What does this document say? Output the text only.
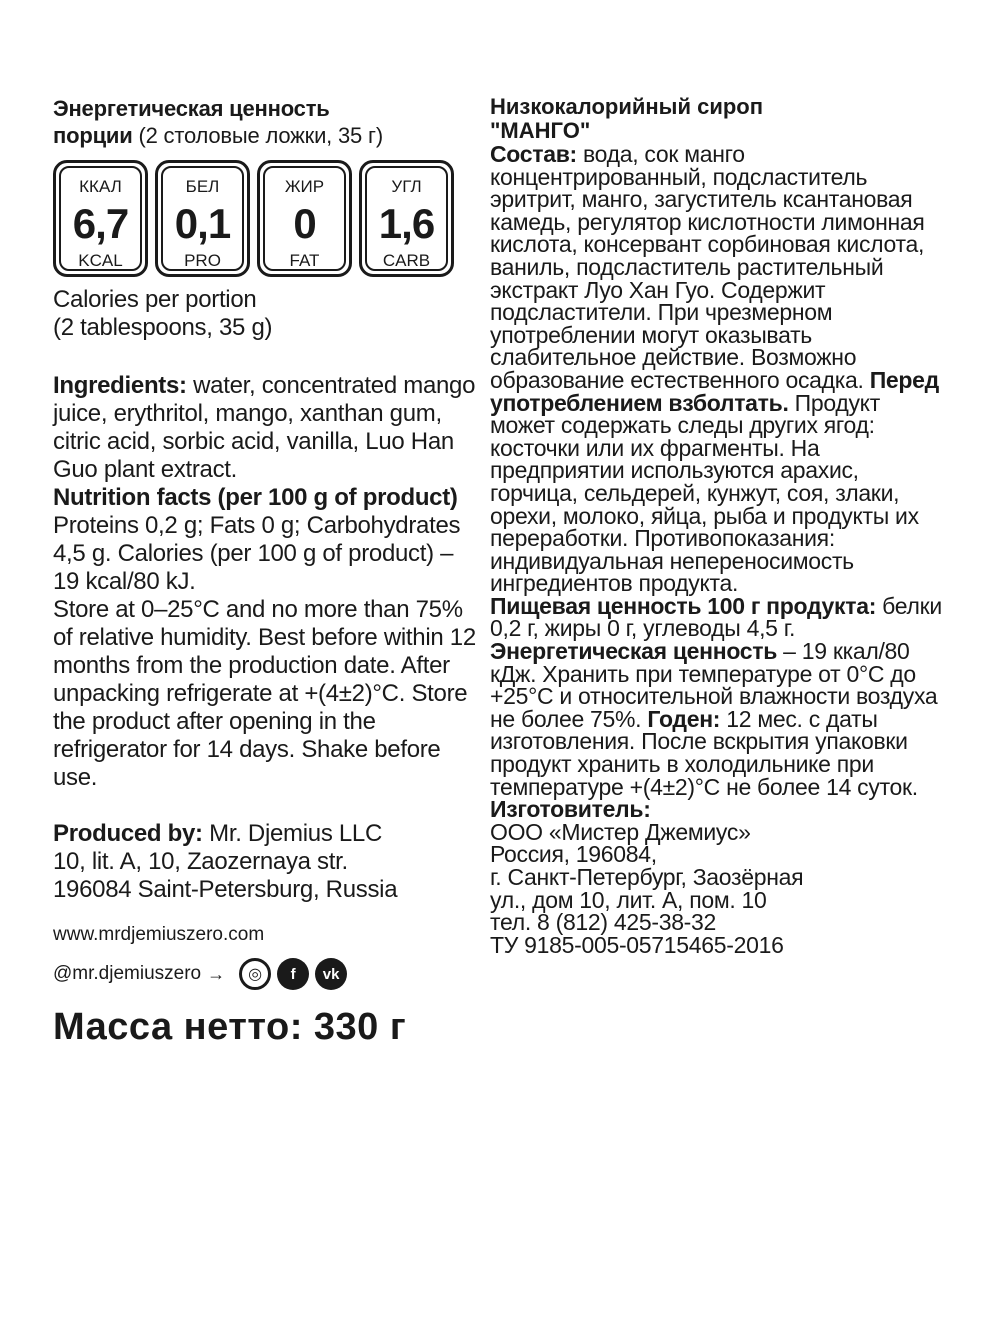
Энергетическая ценность
порции (2 столовые ложки, 35 г)
ККАЛ
6,7
KCAL
БЕЛ
0,1
PRO
ЖИР
0
FAT
УГЛ
1,6
CARB
Calories per portion
(2 tablespoons, 35 g)
Ingredients: water, concentrated mango juice, erythritol, mango, xanthan gum, citric acid, sorbic acid, vanilla, Luo Han Guo plant extract.
Nutrition facts (per 100 g of product)
Proteins 0,2 g; Fats 0 g; Carbohydrates 4,5 g. Calories (per 100 g of product) – 19 kcal/80 kJ.
Store at 0–25°C and no more than 75% of relative humidity. Best before within 12 months from the production date. After unpacking refrigerate at +(4±2)°C. Store the product after opening in the refrigerator for 14 days. Shake before use.
Produced by: Mr. Djemius LLC
10, lit. A, 10, Zaozernaya str.
196084 Saint-Petersburg, Russia
www.mrdjemiuszero.com
@mr.djemiuszero →	◎	f	vk
Масса нетто: 330 г
Низкокалорийный сироп
"МАНГО"
Состав: вода, сок манго концентрированный, подсластитель эритрит, манго, загуститель ксантановая камедь, регулятор кислотности лимонная кислота, консервант сорбиновая кислота, ваниль, подсластитель растительный экстракт Луо Хан Гуо. Содержит подсластители. При чрезмерном употреблении могут оказывать слабительное действие. Возможно образование естественного осадка. Перед употреблением взболтать. Продукт может содержать следы других ягод: косточки или их фрагменты. На предприятии используются арахис, горчица, сельдерей, кунжут, соя, злаки, орехи, молоко, яйца, рыба и продукты их переработки. Противопоказания: индивидуальная непереносимость ингредиентов продукта.
Пищевая ценность 100 г продукта: белки 0,2 г, жиры 0 г, углеводы 4,5 г. Энергетическая ценность – 19 ккал/80 кДж. Хранить при температуре от 0°С до +25°С и относительной влажности воздуха не более 75%. Годен: 12 мес. с даты изготовления. После вскрытия упаковки продукт хранить в холодильнике при температуре +(4±2)°С не более 14 суток.
Изготовитель:
ООО «Мистер Джемиус»
Россия, 196084,
г. Санкт-Петербург, Заозёрная
ул., дом 10, лит. А, пом. 10
тел. 8 (812) 425-38-32
ТУ 9185-005-05715465-2016
